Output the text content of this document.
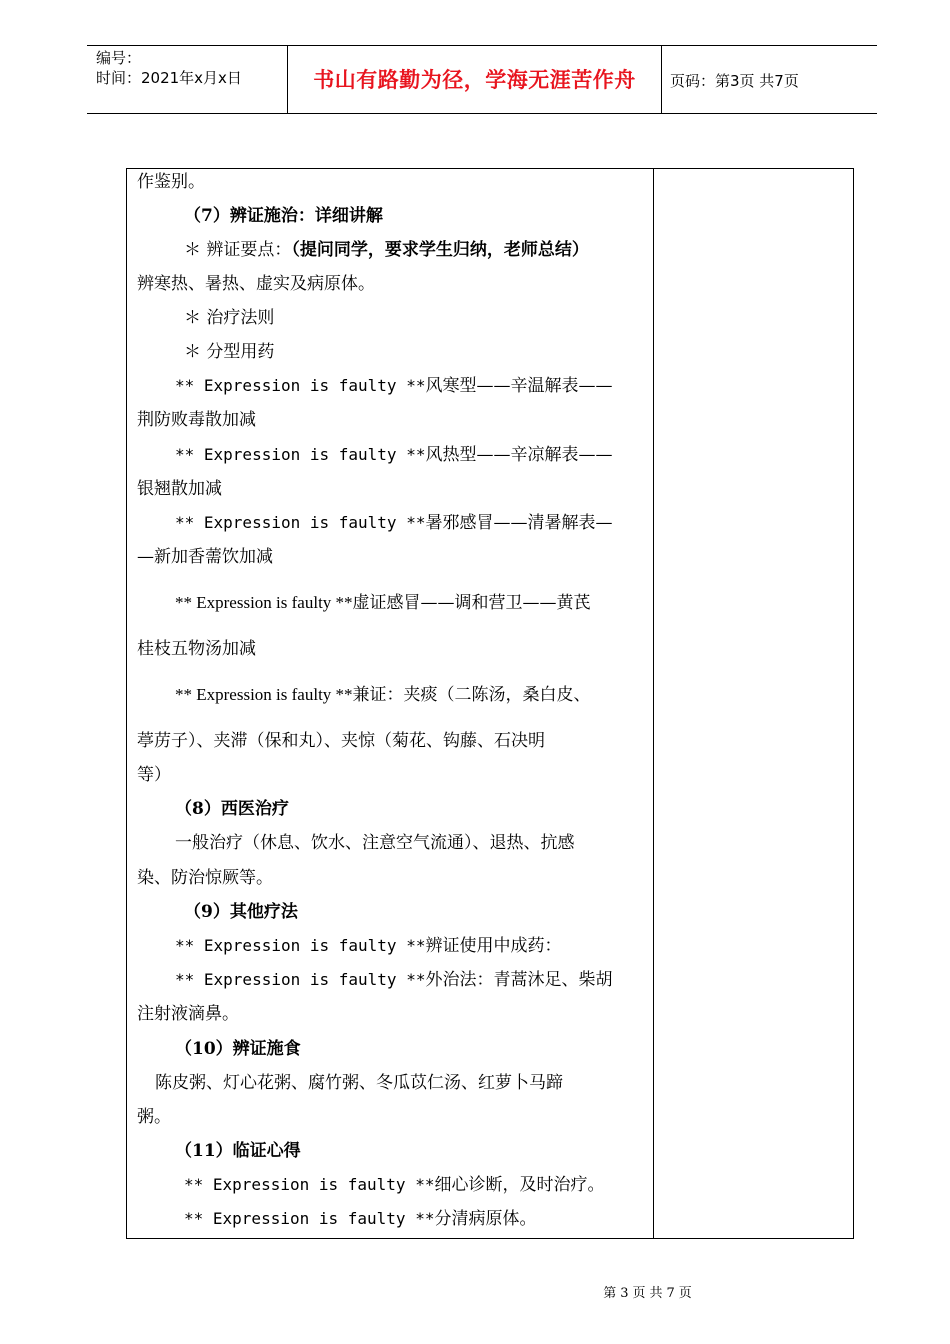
编号：
时间：2021年x月x日	书山有路勤为径，学海无涯苦作舟	页码：第3页 共7页
作鉴别。
（7）辨证施治：详细讲解
＊ 辨证要点：（提问同学，要求学生归纳，老师总结）
辨寒热、暑热、虚实及病原体。
＊ 治疗法则
＊ 分型用药
** Expression is faulty **风寒型——辛温解表——
荆防败毒散加减
** Expression is faulty **风热型——辛凉解表——
银翘散加减
** Expression is faulty **暑邪感冒——清暑解表—
—新加香薷饮加减
** Expression is faulty **虚证感冒——调和营卫——黄芪
桂枝五物汤加减
** Expression is faulty **兼证：夹痰（二陈汤，桑白皮、
葶苈子）、夹滞（保和丸）、夹惊（菊花、钩藤、石决明
等）
（8）西医治疗
一般治疗（休息、饮水、注意空气流通）、退热、抗感
染、防治惊厥等。
（9）其他疗法
** Expression is faulty **辨证使用中成药：
** Expression is faulty **外治法：青蒿沐足、柴胡
注射液滴鼻。
（10）辨证施食
陈皮粥、灯心花粥、腐竹粥、冬瓜苡仁汤、红萝卜马蹄
粥。
（11）临证心得
** Expression is faulty **细心诊断，及时治疗。
** Expression is faulty **分清病原体。
第 3 页 共 7 页
